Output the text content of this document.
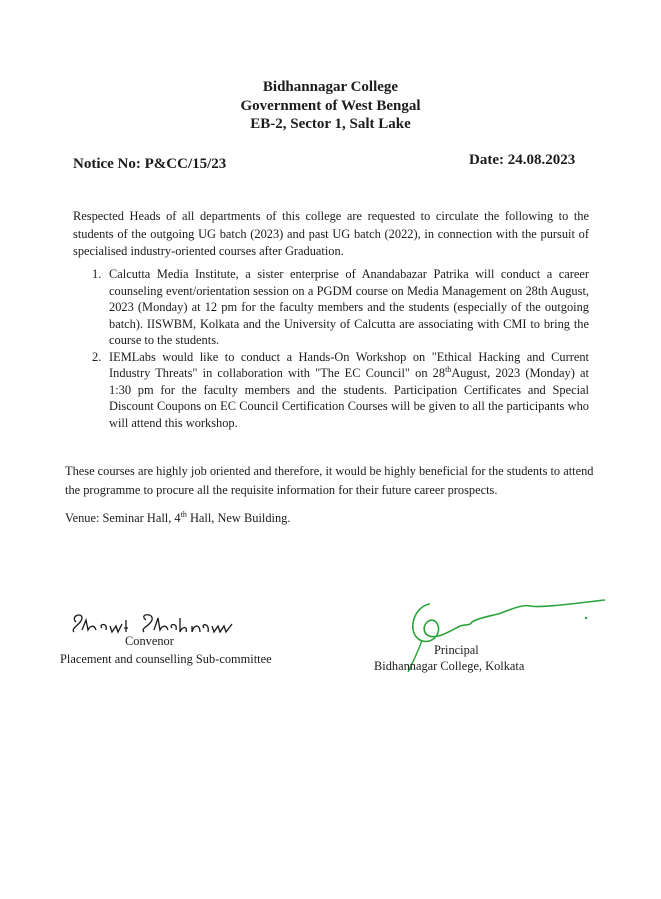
Bidhannagar College
Government of West Bengal
EB-2, Sector 1, Salt Lake
Notice No: P&CC/15/23	Date: 24.08.2023
Respected Heads of all departments of this college are requested to circulate the following to the students of the outgoing UG batch (2023) and past UG batch (2022), in connection with the pursuit of specialised industry-oriented courses after Graduation.
1. Calcutta Media Institute, a sister enterprise of Anandabazar Patrika will conduct a career counseling event/orientation session on a PGDM course on Media Management on 28th August, 2023 (Monday) at 12 pm for the faculty members and the students (especially of the outgoing batch). IISWBM, Kolkata and the University of Calcutta are associating with CMI to bring the course to the students.
2. IEMLabs would like to conduct a Hands-On Workshop on "Ethical Hacking and Current Industry Threats" in collaboration with "The EC Council" on 28thAugust, 2023 (Monday) at 1:30 pm for the faculty members and the students. Participation Certificates and Special Discount Coupons on EC Council Certification Courses will be given to all the participants who will attend this workshop.
These courses are highly job oriented and therefore, it would be highly beneficial for the students to attend the programme to procure all the requisite information for their future career prospects.
Venue: Seminar Hall, 4th Hall, New Building.
Convenor
Placement and counselling Sub-committee
Principal
Bidhannagar College, Kolkata
